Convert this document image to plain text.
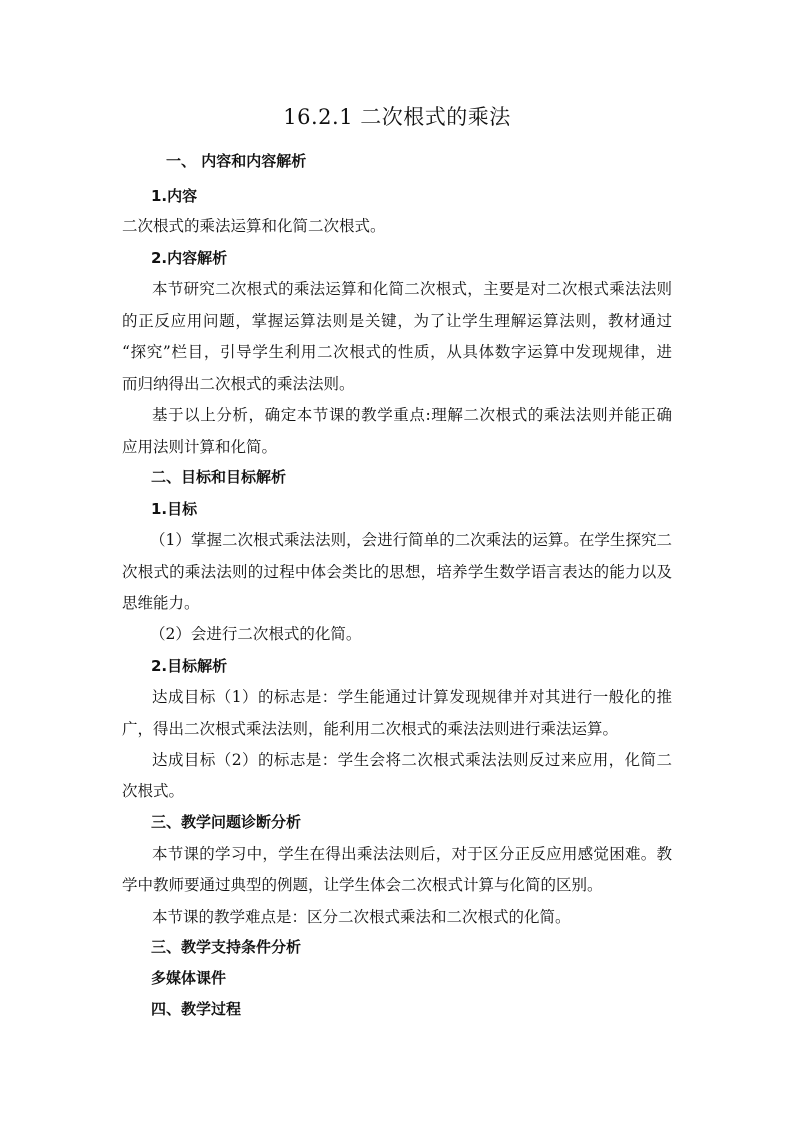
16.2.1 二次根式的乘法
一、 内容和内容解析
1.内容
二次根式的乘法运算和化简二次根式。
2.内容解析
本节研究二次根式的乘法运算和化简二次根式，主要是对二次根式乘法法则
的正反应用问题，掌握运算法则是关键，为了让学生理解运算法则，教材通过
“探究”栏目，引导学生利用二次根式的性质，从具体数字运算中发现规律，进
而归纳得出二次根式的乘法法则。
基于以上分析，确定本节课的教学重点:理解二次根式的乘法法则并能正确
应用法则计算和化简。
二、目标和目标解析
1.目标
（1）掌握二次根式乘法法则，会进行简单的二次乘法的运算。在学生探究二
次根式的乘法法则的过程中体会类比的思想，培养学生数学语言表达的能力以及
思维能力。
（2）会进行二次根式的化简。
2.目标解析
达成目标（1）的标志是：学生能通过计算发现规律并对其进行一般化的推
广，得出二次根式乘法法则，能利用二次根式的乘法法则进行乘法运算。
达成目标（2）的标志是：学生会将二次根式乘法法则反过来应用，化简二
次根式。
三、教学问题诊断分析
本节课的学习中，学生在得出乘法法则后，对于区分正反应用感觉困难。教
学中教师要通过典型的例题，让学生体会二次根式计算与化简的区别。
本节课的教学难点是：区分二次根式乘法和二次根式的化简。
三、教学支持条件分析
多媒体课件
四、教学过程
